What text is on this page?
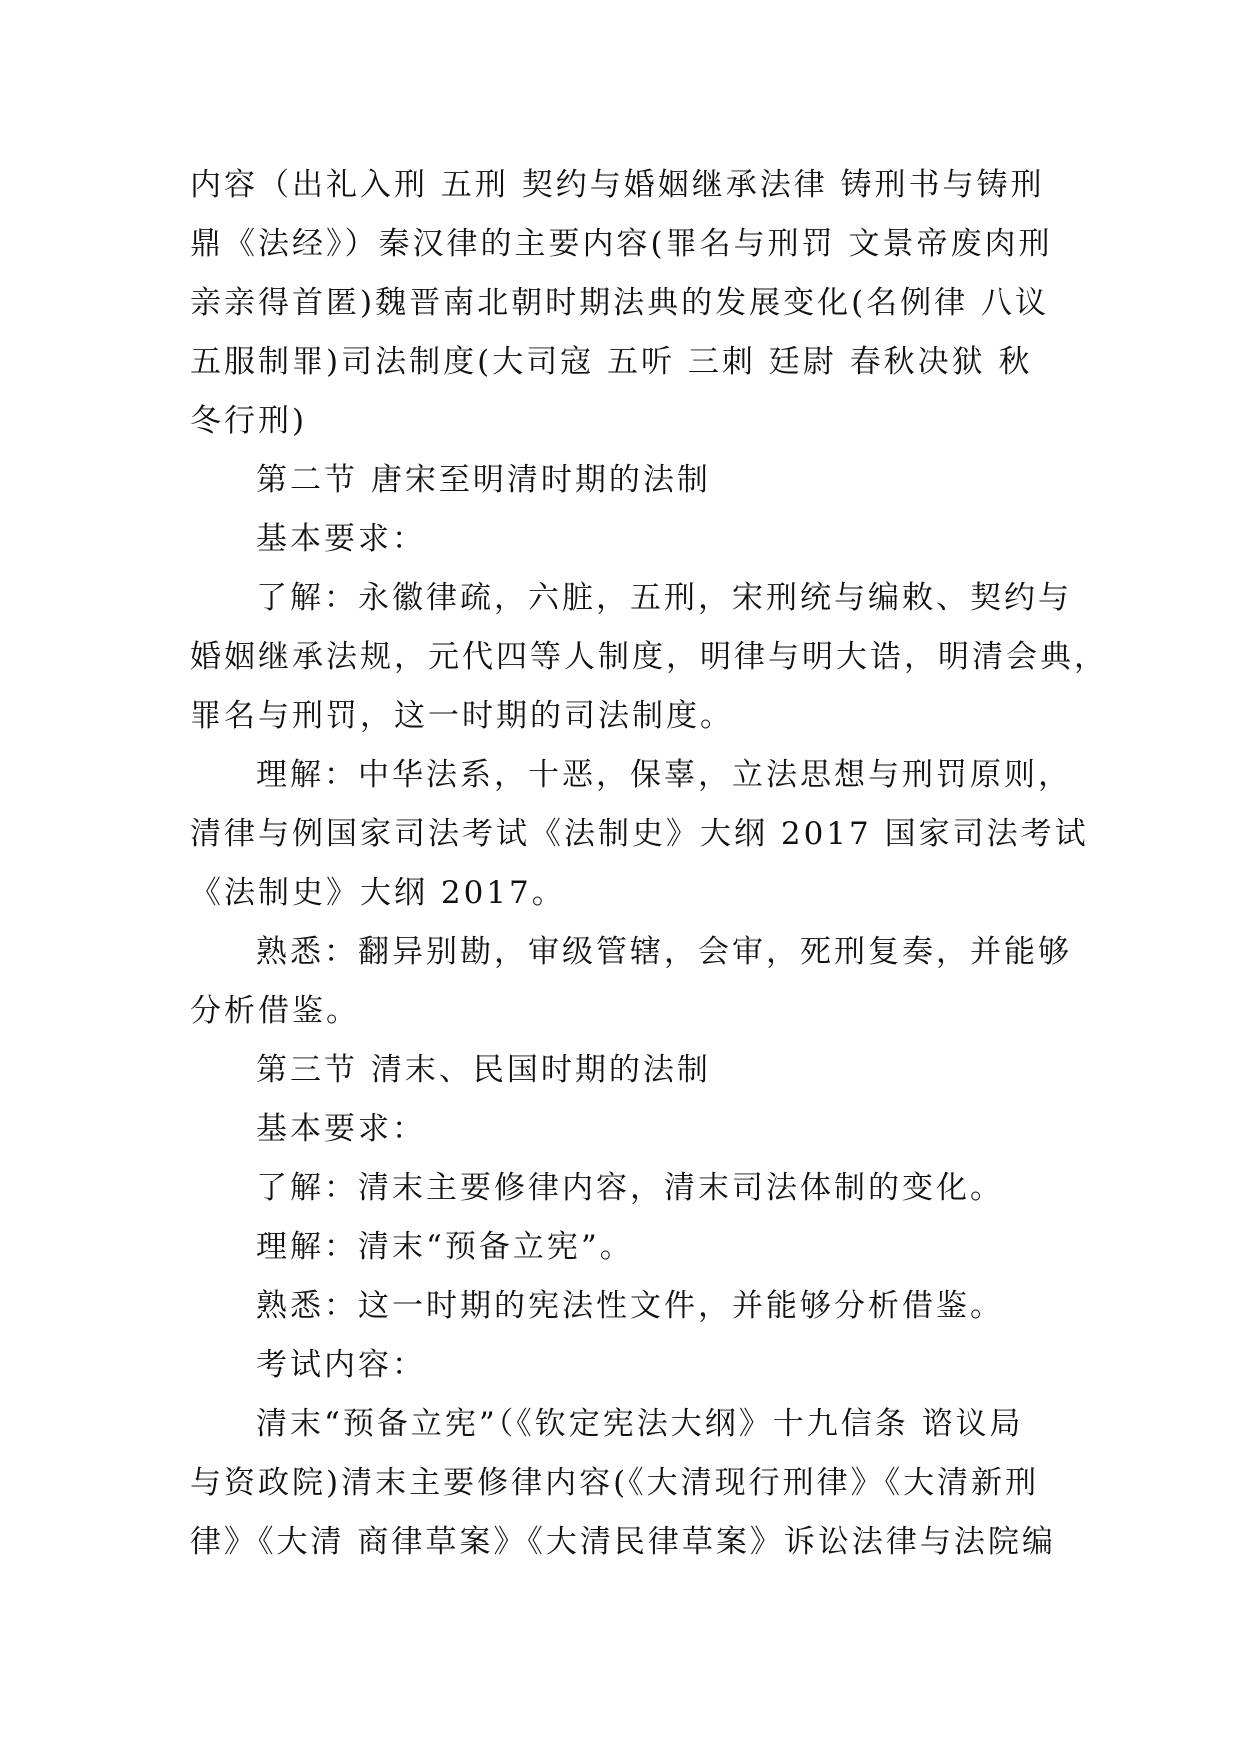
内容（出礼入刑 五刑 契约与婚姻继承法律 铸刑书与铸刑
鼎《法经》）秦汉律的主要内容(罪名与刑罚 文景帝废肉刑
亲亲得首匿)魏晋南北朝时期法典的发展变化(名例律 八议
五服制罪)司法制度(大司寇 五听 三刺 廷尉 春秋决狱 秋
冬行刑)
第二节 唐宋至明清时期的法制
基本要求：
了解：永徽律疏，六脏，五刑，宋刑统与编敕、契约与
婚姻继承法规，元代四等人制度，明律与明大诰，明清会典，
罪名与刑罚，这一时期的司法制度。
理解：中华法系，十恶，保辜，立法思想与刑罚原则，
清律与例国家司法考试《法制史》大纲 2017 国家司法考试
《法制史》大纲 2017。
熟悉：翻异别勘，审级管辖，会审，死刑复奏，并能够
分析借鉴。
第三节 清末、民国时期的法制
基本要求：
了解：清末主要修律内容，清末司法体制的变化。
理解：清末“预备立宪”。
熟悉：这一时期的宪法性文件，并能够分析借鉴。
考试内容：
清末“预备立宪”（《钦定宪法大纲》十九信条 谘议局
与资政院)清末主要修律内容(《大清现行刑律》《大清新刑
律》《大清 商律草案》《大清民律草案》诉讼法律与法院编
